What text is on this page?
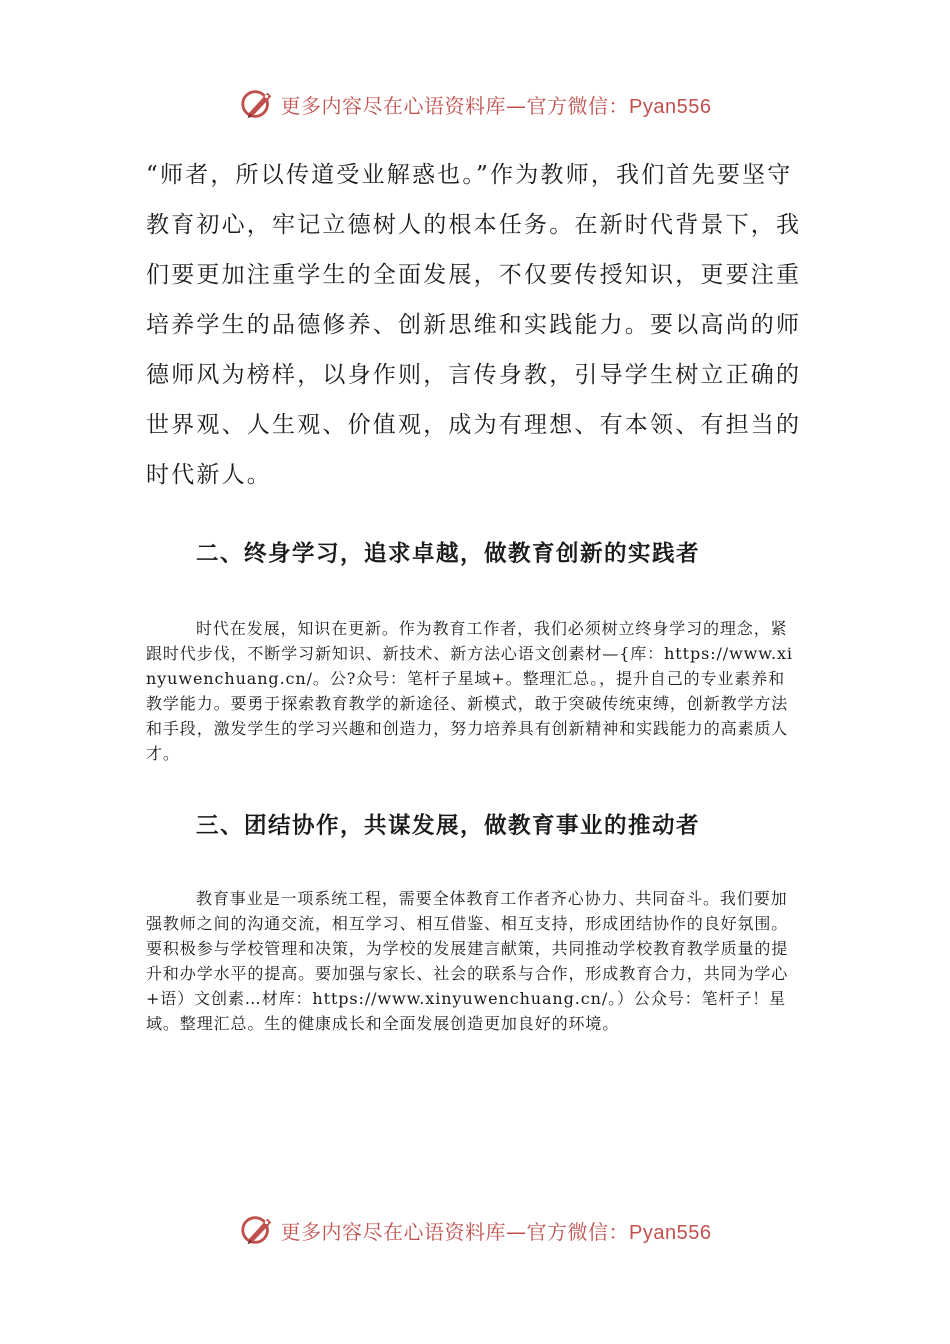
更多内容尽在心语资料库—官方微信：Pyan556

“师者，所以传道受业解惑也。”作为教师，我们首先要坚守教育初心，牢记立德树人的根本任务。在新时代背景下，我们要更加注重学生的全面发展，不仅要传授知识，更要注重培养学生的品德修养、创新思维和实践能力。要以高尚的师德师风为榜样，以身作则，言传身教，引导学生树立正确的世界观、人生观、价值观，成为有理想、有本领、有担当的时代新人。

二、终身学习，追求卓越，做教育创新的实践者

时代在发展，知识在更新。作为教育工作者，我们必须树立终身学习的理念，紧跟时代步伐，不断学习新知识、新技术、新方法心语文创素材—{库：https://www.xinyuwenchuang.cn/。公?众号：笔杆子星域+。整理汇总。，提升自己的专业素养和教学能力。要勇于探索教育教学的新途径、新模式，敢于突破传统束缚，创新教学方法和手段，激发学生的学习兴趣和创造力，努力培养具有创新精神和实践能力的高素质人才。

三、团结协作，共谋发展，做教育事业的推动者

教育事业是一项系统工程，需要全体教育工作者齐心协力、共同奋斗。我们要加强教师之间的沟通交流，相互学习、相互借鉴、相互支持，形成团结协作的良好氛围。要积极参与学校管理和决策，为学校的发展建言献策，共同推动学校教育教学质量的提升和办学水平的提高。要加强与家长、社会的联系与合作，形成教育合力，共同为学心+语）文创素…材库：https://www.xinyuwenchuang.cn/。）公众号：笔杆子！星域。整理汇总。生的健康成长和全面发展创造更加良好的环境。

更多内容尽在心语资料库—官方微信：Pyan556
